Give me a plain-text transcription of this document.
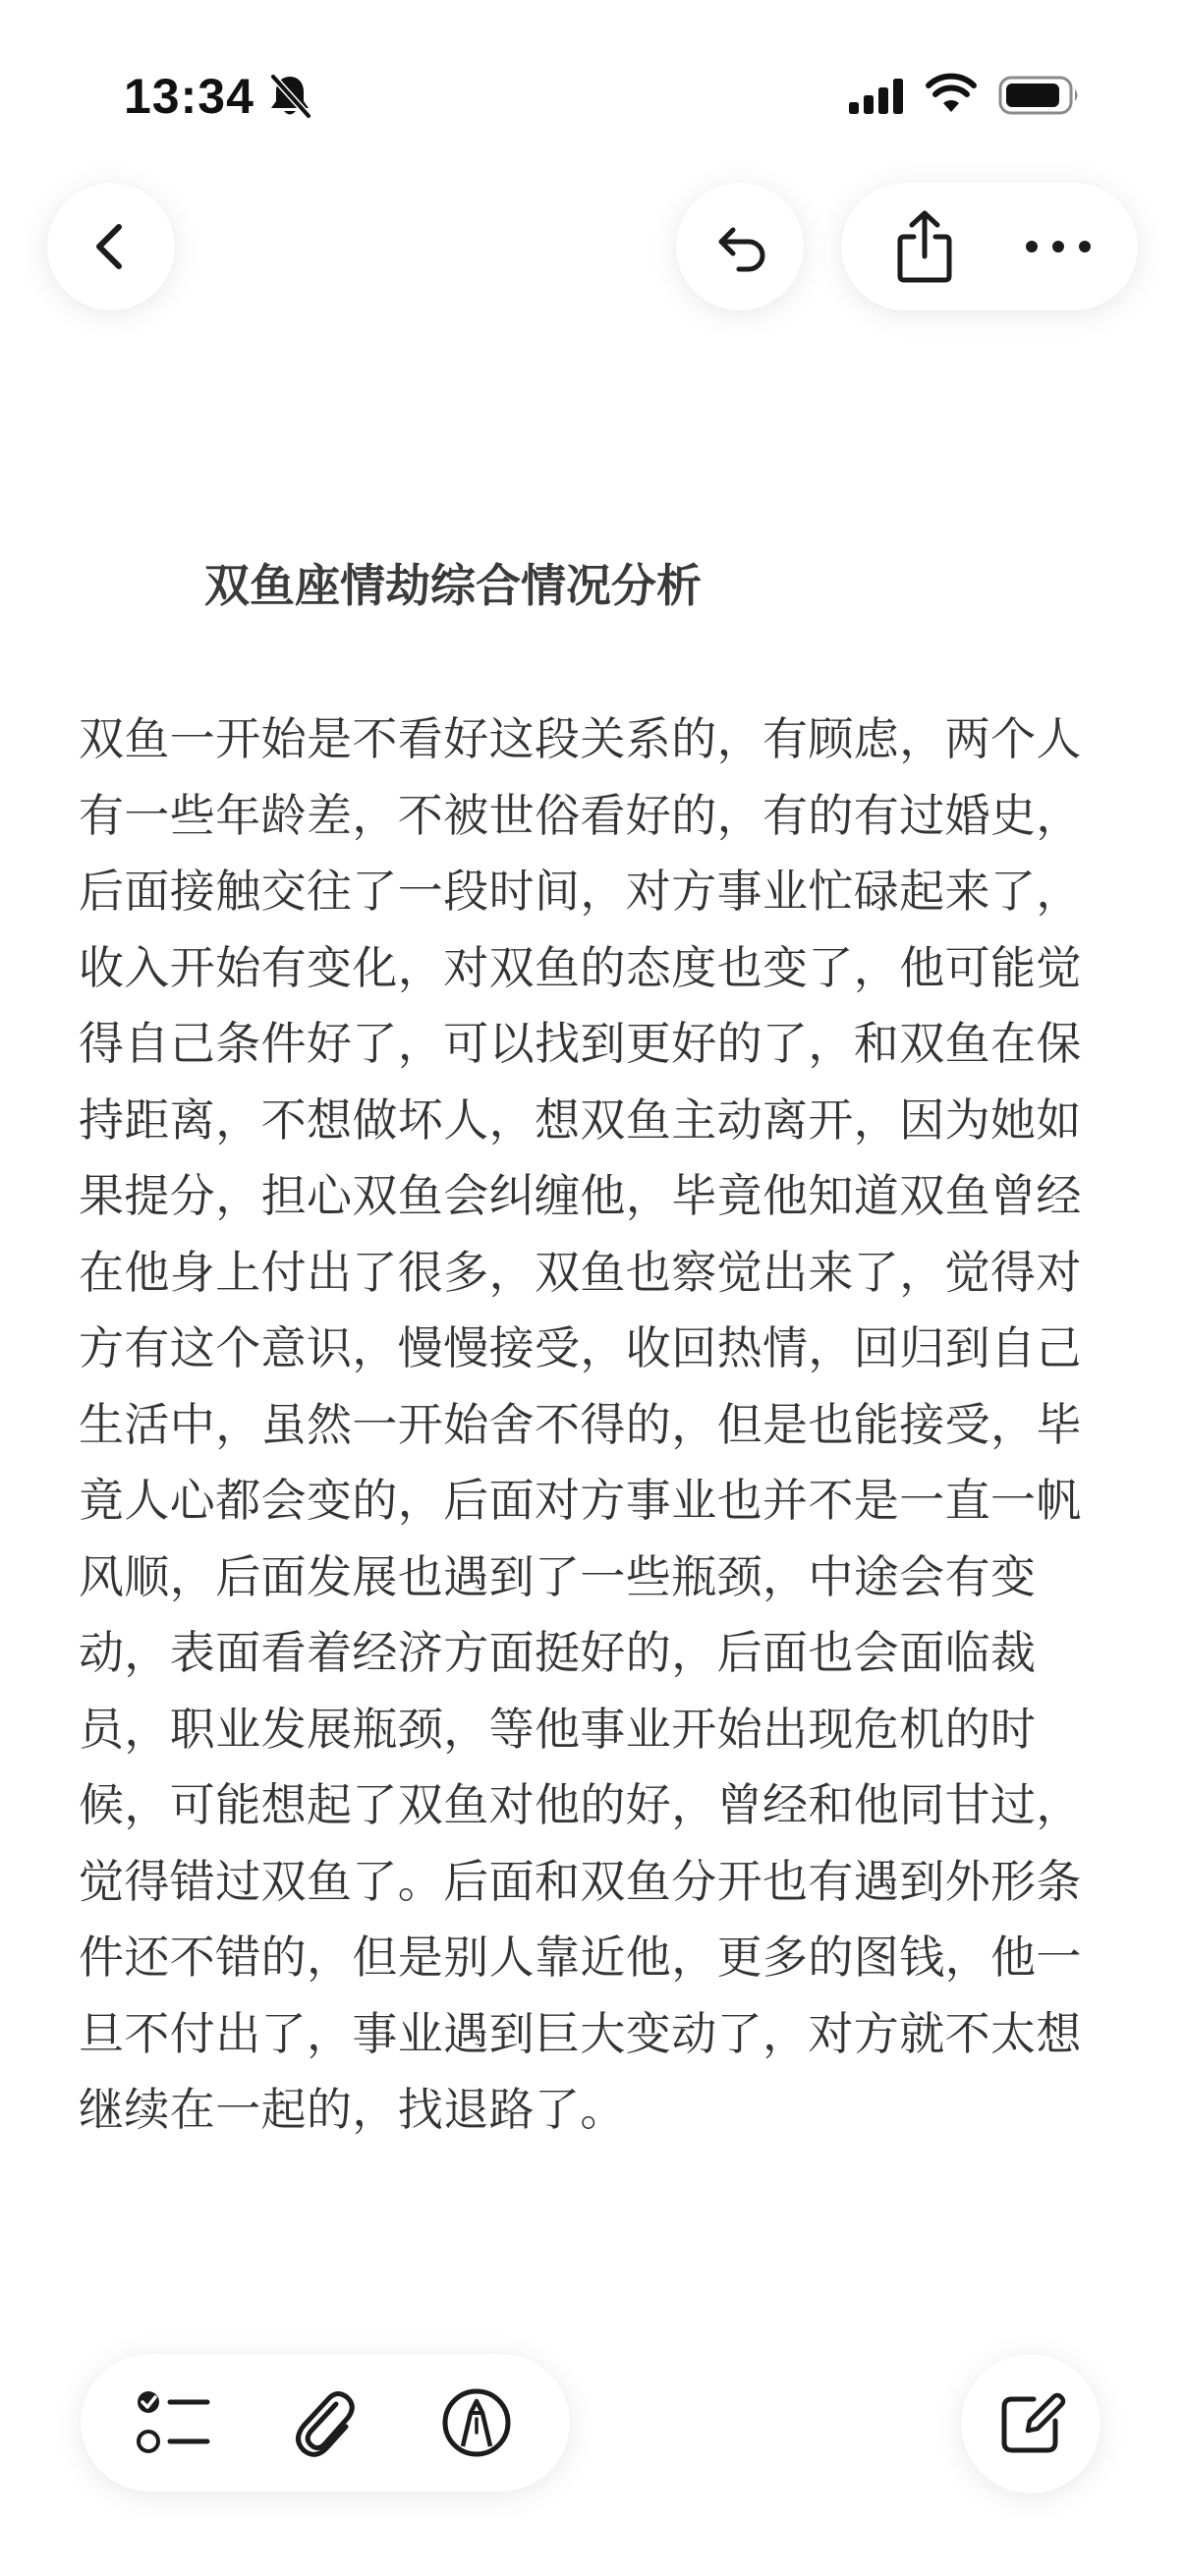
13:34
双鱼座情劫综合情况分析
双鱼一开始是不看好这段关系的，有顾虑，两个人有一些年龄差，不被世俗看好的，有的有过婚史，后面接触交往了一段时间，对方事业忙碌起来了，收入开始有变化，对双鱼的态度也变了，他可能觉得自己条件好了，可以找到更好的了，和双鱼在保持距离，不想做坏人，想双鱼主动离开，因为她如果提分，担心双鱼会纠缠他，毕竟他知道双鱼曾经在他身上付出了很多，双鱼也察觉出来了，觉得对方有这个意识，慢慢接受，收回热情，回归到自己生活中，虽然一开始舍不得的，但是也能接受，毕竟人心都会变的，后面对方事业也并不是一直一帆风顺，后面发展也遇到了一些瓶颈，中途会有变动，表面看着经济方面挺好的，后面也会面临裁员，职业发展瓶颈，等他事业开始出现危机的时候，可能想起了双鱼对他的好，曾经和他同甘过，觉得错过双鱼了。后面和双鱼分开也有遇到外形条件还不错的，但是别人靠近他，更多的图钱，他一旦不付出了，事业遇到巨大变动了，对方就不太想继续在一起的，找退路了。
